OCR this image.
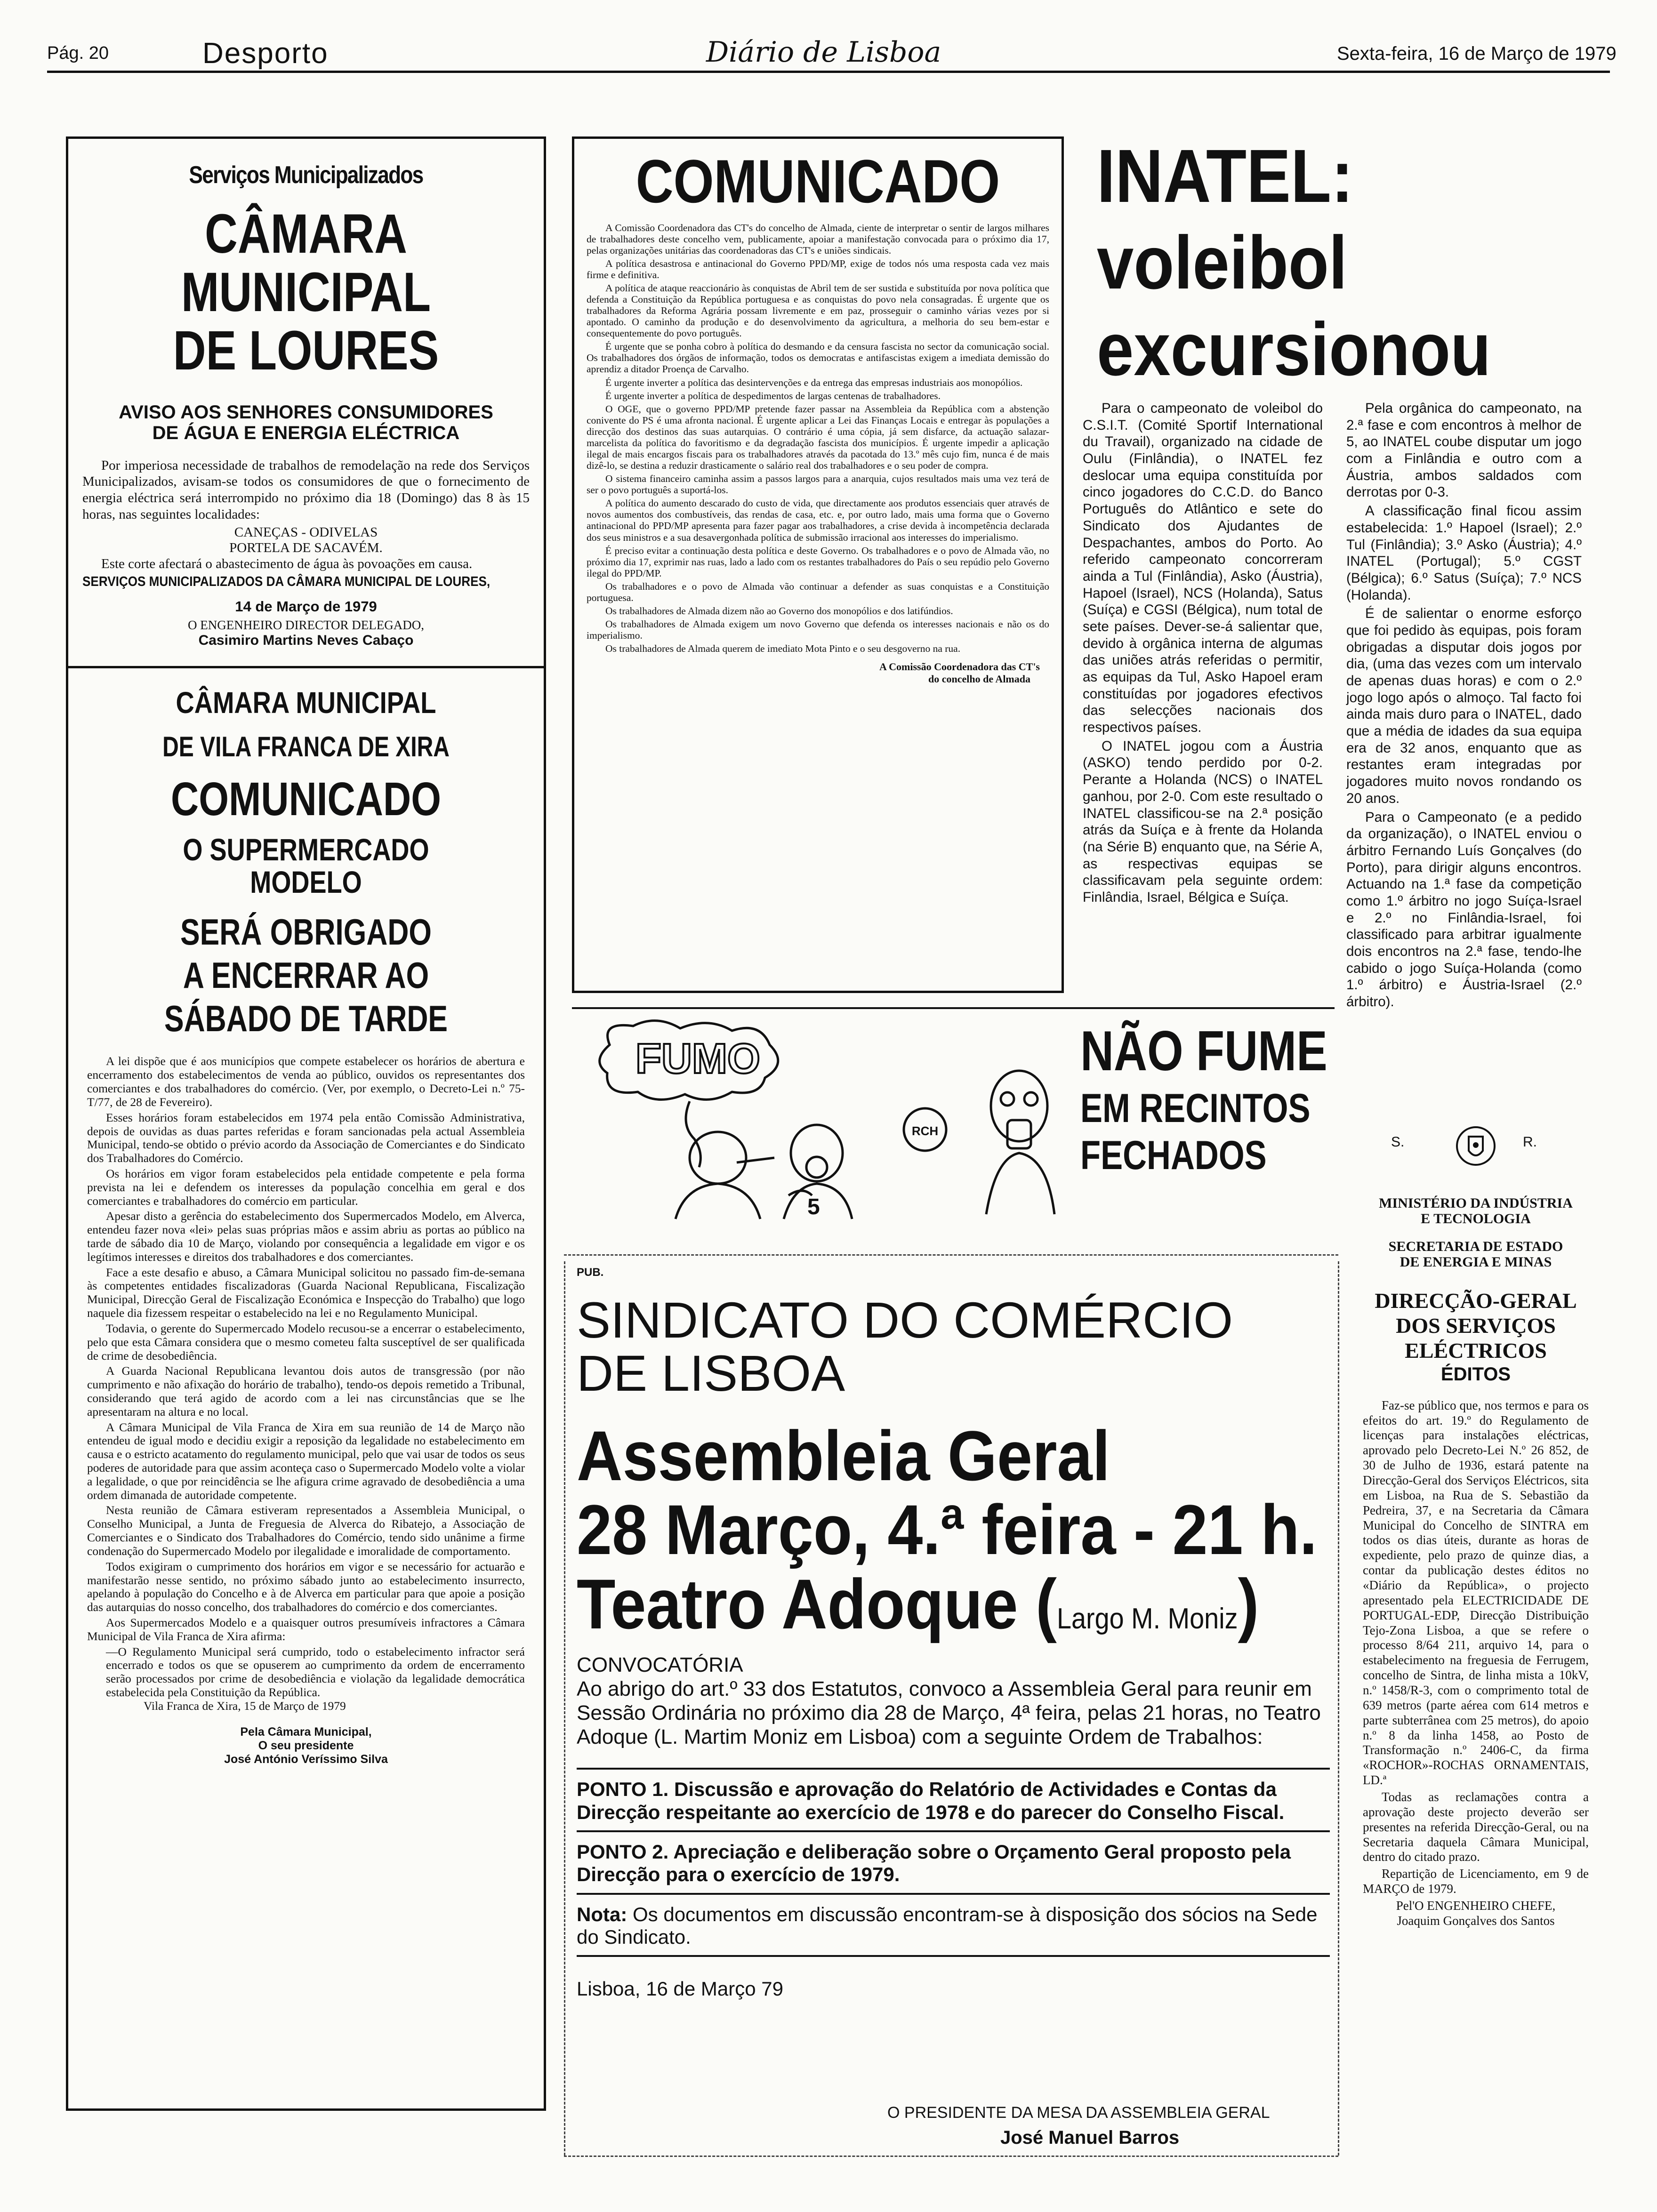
Pág. 20	Desporto	Diário de Lisboa	Sexta-feira, 16 de Março de 1979
Serviços Municipalizados
CÂMARA MUNICIPAL
DE LOURES
AVISO AOS SENHORES CONSUMIDORES
DE ÁGUA E ENERGIA ELÉCTRICA

Por imperiosa necessidade de trabalhos de remodelação na rede dos Serviços Municipalizados, avisam-se todos os consumidores de que o fornecimento de energia eléctrica será interrompido no próximo dia 18 (Domingo) das 8 às 15 horas, nas seguintes localidades:

CANEÇAS - ODIVELAS
PORTELA DE SACAVÉM.

Este corte afectará o abastecimento de água às povoações em causa.

SERVIÇOS MUNICIPALIZADOS DA CÂMARA MUNICIPAL DE LOURES,
14 de Março de 1979
O ENGENHEIRO DIRECTOR DELEGADO,
Casimiro Martins Neves Cabaço
CÂMARA MUNICIPAL
DE VILA FRANCA DE XIRA
COMUNICADO
O SUPERMERCADO MODELO
SERÁ OBRIGADO
A ENCERRAR AO
SÁBADO DE TARDE

A lei dispõe que é aos municípios que compete estabelecer os horários de abertura e encerramento dos estabelecimentos de venda ao público, ouvidos os representantes dos comerciantes e dos trabalhadores do comércio. (Ver, por exemplo, o Decreto-Lei n.º 75-T/77, de 28 de Fevereiro).

Esses horários foram estabelecidos em 1974 pela então Comissão Administrativa, depois de ouvidas as duas partes referidas e foram sancionadas pela actual Assembleia Municipal, tendo-se obtido o prévio acordo da Associação de Comerciantes e do Sindicato dos Trabalhadores do Comércio.

Os horários em vigor foram estabelecidos pela entidade competente e pela forma prevista na lei e defendem os interesses da população concelhia em geral e dos comerciantes e trabalhadores do comércio em particular.

Apesar disto a gerência do estabelecimento dos Supermercados Modelo, em Alverca, entendeu fazer nova «lei» pelas suas próprias mãos e assim abriu as portas ao público na tarde de sábado dia 10 de Março, violando por consequência a legalidade em vigor e os legítimos interesses e direitos dos trabalhadores e dos comerciantes.

Face a este desafio e abuso, a Câmara Municipal solicitou no passado fim-de-semana às competentes entidades fiscalizadoras (Guarda Nacional Republicana, Fiscalização Municipal, Direcção Geral de Fiscalização Económica e Inspecção do Trabalho) que logo naquele dia fizessem respeitar o estabelecido na lei e no Regulamento Municipal.

Todavia, o gerente do Supermercado Modelo recusou-se a encerrar o estabelecimento, pelo que esta Câmara considera que o mesmo cometeu falta susceptível de ser qualificada de crime de desobediência.

A Guarda Nacional Republicana levantou dois autos de transgressão (por não cumprimento e não afixação do horário de trabalho), tendo-os depois remetido a Tribunal, considerando que terá agido de acordo com a lei nas circunstâncias que se lhe apresentaram na altura e no local.

A Câmara Municipal de Vila Franca de Xira em sua reunião de 14 de Março não entendeu de igual modo e decidiu exigir a reposição da legalidade no estabelecimento em causa e o estricto acatamento do regulamento municipal, pelo que vai usar de todos os seus poderes de autoridade para que assim aconteça caso o Supermercado Modelo volte a violar a legalidade, o que por reincidência se lhe afigura crime agravado de desobediência a uma ordem dimanada de autoridade competente.

Nesta reunião de Câmara estiveram representados a Assembleia Municipal, o Conselho Municipal, a Junta de Freguesia de Alverca do Ribatejo, a Associação de Comerciantes e o Sindicato dos Trabalhadores do Comércio, tendo sido unânime a firme condenação do Supermercado Modelo por ilegalidade e imoralidade de comportamento.

Todos exigiram o cumprimento dos horários em vigor e se necessário for actuarão e manifestarão nesse sentido, no próximo sábado junto ao estabelecimento insurrecto, apelando à população do Concelho e à de Alverca em particular para que apoie a posição das autarquias do nosso concelho, dos trabalhadores do comércio e dos comerciantes.

Aos Supermercados Modelo e a quaisquer outros presumíveis infractores a Câmara Municipal de Vila Franca de Xira afirma:

—O Regulamento Municipal será cumprido, todo o estabelecimento infractor será encerrado e todos os que se opuserem ao cumprimento da ordem de encerramento serão processados por crime de desobediência e violação da legalidade democrática estabelecida pela Constituição da República.

Vila Franca de Xira, 15 de Março de 1979

Pela Câmara Municipal,
O seu presidente
José António Veríssimo Silva
COMUNICADO

A Comissão Coordenadora das CT's do concelho de Almada, ciente de interpretar o sentir de largos milhares de trabalhadores deste concelho vem, publicamente, apoiar a manifestação convocada para o próximo dia 17, pelas organizações unitárias das coordenadoras das CT's e uniões sindicais.

A política desastrosa e antinacional do Governo PPD/MP, exige de todos nós uma resposta cada vez mais firme e definitiva.

A política de ataque reaccionário às conquistas de Abril tem de ser sustida e substituída por nova política que defenda a Constituição da República portuguesa e as conquistas do povo nela consagradas. É urgente que os trabalhadores da Reforma Agrária possam livremente e em paz, prosseguir o caminho várias vezes por si apontado. O caminho da produção e do desenvolvimento da agricultura, a melhoria do seu bem-estar e consequentemente do povo português.

É urgente que se ponha cobro à política do desmando e da censura fascista no sector da comunicação social. Os trabalhadores dos órgãos de informação, todos os democratas e antifascistas exigem a imediata demissão do aprendiz a ditador Proença de Carvalho.

É urgente inverter a política das desintervenções e da entrega das empresas industriais aos monopólios.

É urgente inverter a política de despedimentos de largas centenas de trabalhadores.

O OGE, que o governo PPD/MP pretende fazer passar na Assembleia da República com a abstenção conivente do PS é uma afronta nacional. É urgente aplicar a Lei das Finanças Locais e entregar às populações a direcção dos destinos das suas autarquias. O contrário é uma cópia, já sem disfarce, da actuação salazar-marcelista da política do favoritismo e da degradação fascista dos municípios. É urgente impedir a aplicação ilegal de mais encargos fiscais para os trabalhadores através da pacotada do 13.º mês cujo fim, nunca é de mais dizê-lo, se destina a reduzir drasticamente o salário real dos trabalhadores e o seu poder de compra.

O sistema financeiro caminha assim a passos largos para a anarquia, cujos resultados mais uma vez terá de ser o povo português a suportá-los.

A política do aumento descarado do custo de vida, que directamente aos produtos essenciais quer através de novos aumentos dos combustíveis, das rendas de casa, etc. e, por outro lado, mais uma forma que o Governo antinacional do PPD/MP apresenta para fazer pagar aos trabalhadores, a crise devida à incompetência declarada dos seus ministros e a sua desavergonhada política de submissão irracional aos interesses do imperialismo.

É preciso evitar a continuação desta política e deste Governo. Os trabalhadores e o povo de Almada vão, no próximo dia 17, exprimir nas ruas, lado a lado com os restantes trabalhadores do País o seu repúdio pelo Governo ilegal do PPD/MP.

Os trabalhadores e o povo de Almada vão continuar a defender as suas conquistas e a Constituição portuguesa.

Os trabalhadores de Almada dizem não ao Governo dos monopólios e dos latifúndios.

Os trabalhadores de Almada exigem um novo Governo que defenda os interesses nacionais e não os do imperialismo.

Os trabalhadores de Almada querem de imediato Mota Pinto e o seu desgoverno na rua.

A Comissão Coordenadora das CT's
do concelho de Almada
INATEL:
voleibol
excursionou

Para o campeonato de voleibol do C.S.I.T. (Comité Sportif International du Travail), organizado na cidade de Oulu (Finlândia), o INATEL fez deslocar uma equipa constituída por cinco jogadores do C.C.D. do Banco Português do Atlântico e sete do Sindicato dos Ajudantes de Despachantes, ambos do Porto. Ao referido campeonato concorreram ainda a Tul (Finlândia), Asko (Áustria), Hapoel (Israel), NCS (Holanda), Satus (Suíça) e CGSI (Bélgica), num total de sete países. Dever-se-á salientar que, devido à orgânica interna de algumas das uniões atrás referidas o permitir, as equipas da Tul, Asko Hapoel eram constituídas por jogadores efectivos das selecções nacionais dos respectivos países.

O INATEL jogou com a Áustria (ASKO) tendo perdido por 0-2. Perante a Holanda (NCS) o INATEL ganhou, por 2-0. Com este resultado o INATEL classificou-se na 2.ª posição atrás da Suíça e à frente da Holanda (na Série B) enquanto que, na Série A, as respectivas equipas se classificavam pela seguinte ordem: Finlândia, Israel, Bélgica e Suíça.

Pela orgânica do campeonato, na 2.ª fase e com encontros à melhor de 5, ao INATEL coube disputar um jogo com a Finlândia e outro com a Áustria, ambos saldados com derrotas por 0-3.

A classificação final ficou assim estabelecida: 1.º Hapoel (Israel); 2.º Tul (Finlândia); 3.º Asko (Áustria); 4.º INATEL (Portugal); 5.º CGST (Bélgica); 6.º Satus (Suíça); 7.º NCS (Holanda).

É de salientar o enorme esforço que foi pedido às equipas, pois foram obrigadas a disputar dois jogos por dia, (uma das vezes com um intervalo de apenas duas horas) e com o 2.º jogo logo após o almoço. Tal facto foi ainda mais duro para o INATEL, dado que a média de idades da sua equipa era de 32 anos, enquanto que as restantes eram integradas por jogadores muito novos rondando os 20 anos.

Para o Campeonato (e a pedido da organização), o INATEL enviou o árbitro Fernando Luís Gonçalves (do Porto), para dirigir alguns encontros. Actuando na 1.ª fase da competição como 1.º árbitro no jogo Suíça-Israel e 2.º no Finlândia-Israel, foi classificado para arbitrar igualmente dois encontros na 2.ª fase, tendo-lhe cabido o jogo Suíça-Holanda (como 1.º árbitro) e Áustria-Israel (2.º árbitro).

FUMO
RCH
5
NÃO FUME
EM RECINTOS
FECHADOS
PUB.
SINDICATO DO COMÉRCIO
DE LISBOA
Assembleia Geral
28 Março, 4.ª feira - 21 h.
Teatro Adoque (Largo M. Moniz)
CONVOCATÓRIA
Ao abrigo do art.º 33 dos Estatutos, convoco a Assembleia Geral para reunir em Sessão Ordinária no próximo dia 28 de Março, 4ª feira, pelas 21 horas, no Teatro Adoque (L. Martim Moniz em Lisboa) com a seguinte Ordem de Trabalhos:
PONTO 1. Discussão e aprovação do Relatório de Actividades e Contas da Direcção respeitante ao exercício de 1978 e do parecer do Conselho Fiscal.
PONTO 2. Apreciação e deliberação sobre o Orçamento Geral proposto pela Direcção para o exercício de 1979.
Nota: Os documentos em discussão encontram-se à disposição dos sócios na Sede do Sindicato.
Lisboa, 16 de Março 79
O PRESIDENTE DA MESA DA ASSEMBLEIA GERAL
José Manuel Barros
S.	R.
MINISTÉRIO DA INDÚSTRIA
E TECNOLOGIA
SECRETARIA DE ESTADO
DE ENERGIA E MINAS
DIRECÇÃO-GERAL
DOS SERVIÇOS
ELÉCTRICOS
ÉDITOS

Faz-se público que, nos termos e para os efeitos do art. 19.º do Regulamento de licenças para instalações eléctricas, aprovado pelo Decreto-Lei N.º 26 852, de 30 de Julho de 1936, estará patente na Direcção-Geral dos Serviços Eléctricos, sita em Lisboa, na Rua de S. Sebastião da Pedreira, 37, e na Secretaria da Câmara Municipal do Concelho de SINTRA em todos os dias úteis, durante as horas de expediente, pelo prazo de quinze dias, a contar da publicação destes éditos no «Diário da República», o projecto apresentado pela ELECTRICIDADE DE PORTUGAL-EDP, Direcção Distribuição Tejo-Zona Lisboa, a que se refere o processo 8/64 211, arquivo 14, para o estabelecimento na freguesia de Ferrugem, concelho de Sintra, de linha mista a 10kV, n.º 1458/R-3, com o comprimento total de 639 metros (parte aérea com 614 metros e parte subterrânea com 25 metros), do apoio n.º 8 da linha 1458, ao Posto de Transformação n.º 2406-C, da firma «ROCHOR»-ROCHAS ORNAMENTAIS, LD.ª

Todas as reclamações contra a aprovação deste projecto deverão ser presentes na referida Direcção-Geral, ou na Secretaria daquela Câmara Municipal, dentro do citado prazo.

Repartição de Licenciamento, em 9 de MARÇO de 1979.

Pel'O ENGENHEIRO CHEFE,

Joaquim Gonçalves dos Santos
